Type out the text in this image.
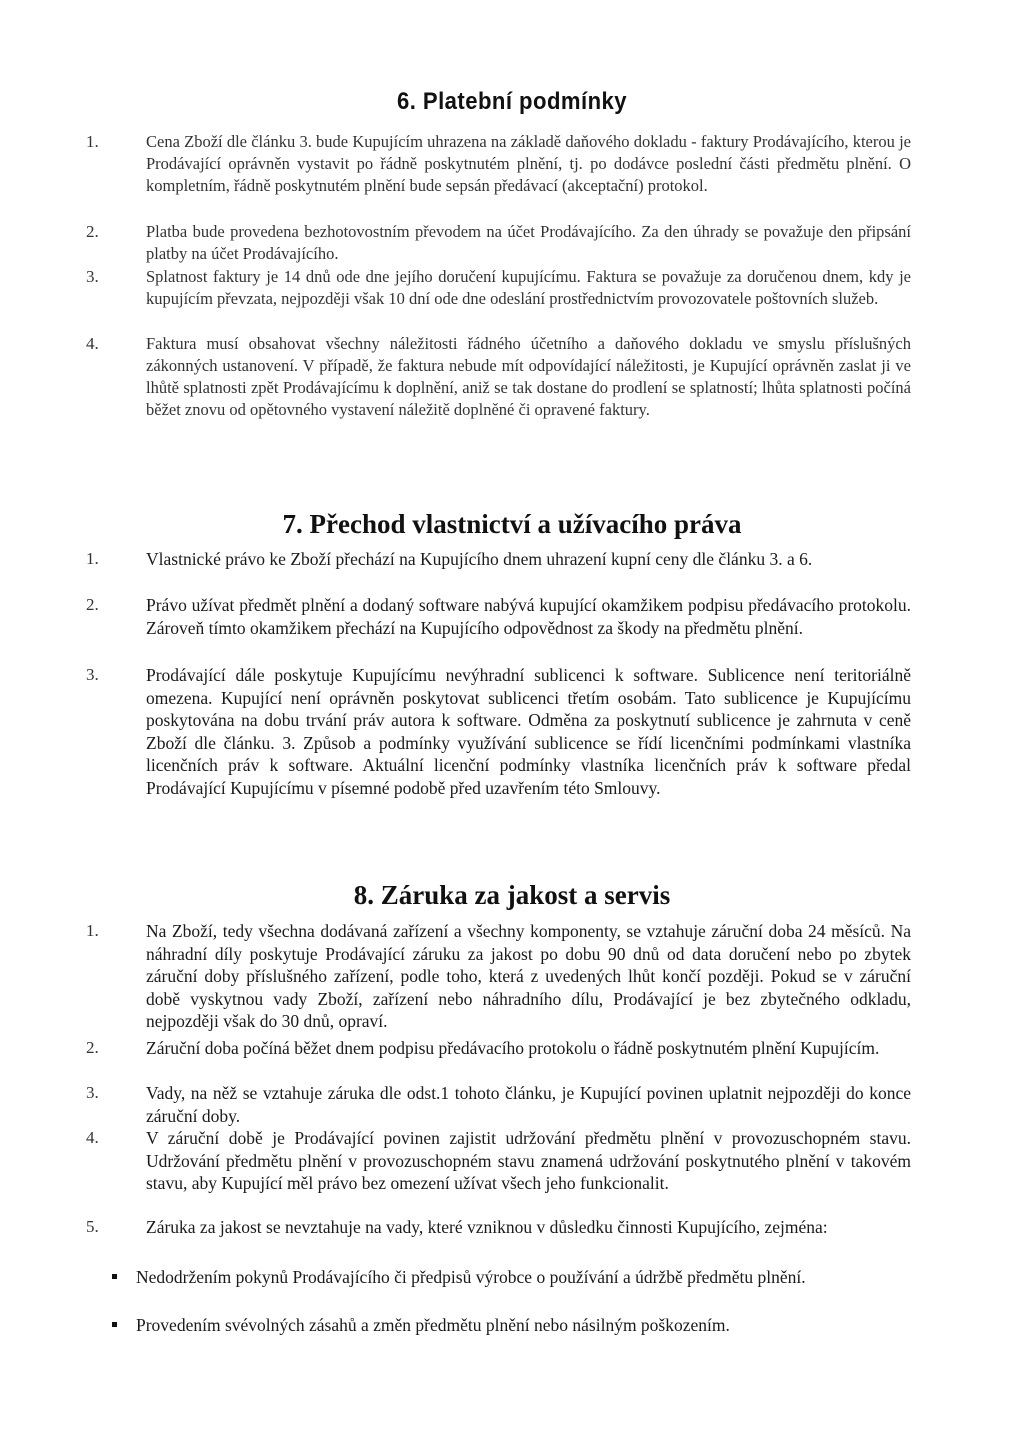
6. Platební podmínky
1.	Cena Zboží dle článku 3. bude Kupujícím uhrazena na základě daňového dokladu - faktury Prodávajícího, kterou je Prodávající oprávněn vystavit po řádně poskytnutém plnění, tj. po dodávce poslední části předmětu plnění. O kompletním, řádně poskytnutém plnění bude sepsán předávací (akceptační) protokol.
2.	Platba bude provedena bezhotovostním převodem na účet Prodávajícího. Za den úhrady se považuje den připsání platby na účet Prodávajícího.
3.	Splatnost faktury je 14 dnů ode dne jejího doručení kupujícímu. Faktura se považuje za doručenou dnem, kdy je kupujícím převzata, nejpozději však 10 dní ode dne odeslání prostřednictvím provozovatele poštovních služeb.
4.	Faktura musí obsahovat všechny náležitosti řádného účetního a daňového dokladu ve smyslu příslušných zákonných ustanovení. V případě, že faktura nebude mít odpovídající náležitosti, je Kupující oprávněn zaslat ji ve lhůtě splatnosti zpět Prodávajícímu k doplnění, aniž se tak dostane do prodlení se splatností; lhůta splatnosti počíná běžet znovu od opětovného vystavení náležitě doplněné či opravené faktury.
7. Přechod vlastnictví a užívacího práva
1.	Vlastnické právo ke Zboží přechází na Kupujícího dnem uhrazení kupní ceny dle článku 3. a 6.
2.	Právo užívat předmět plnění a dodaný software nabývá kupující okamžikem podpisu předávacího protokolu. Zároveň tímto okamžikem přechází na Kupujícího odpovědnost za škody na předmětu plnění.
3.	Prodávající dále poskytuje Kupujícímu nevýhradní sublicenci k software. Sublicence není teritoriálně omezena. Kupující není oprávněn poskytovat sublicenci třetím osobám. Tato sublicence je Kupujícímu poskytována na dobu trvání práv autora k software. Odměna za poskytnutí sublicence je zahrnuta v ceně Zboží dle článku. 3. Způsob a podmínky využívání sublicence se řídí licenčními podmínkami vlastníka licenčních práv k software. Aktuální licenční podmínky vlastníka licenčních práv k software předal Prodávající Kupujícímu v písemné podobě před uzavřením této Smlouvy.
8. Záruka za jakost a servis
1.	Na Zboží, tedy všechna dodávaná zařízení a všechny komponenty, se vztahuje záruční doba 24 měsíců. Na náhradní díly poskytuje Prodávající záruku za jakost po dobu 90 dnů od data doručení nebo po zbytek záruční doby příslušného zařízení, podle toho, která z uvedených lhůt končí později. Pokud se v záruční době vyskytnou vady Zboží, zařízení nebo náhradního dílu, Prodávající je bez zbytečného odkladu, nejpozději však do 30 dnů, opraví.
2.	Záruční doba počíná běžet dnem podpisu předávacího protokolu o řádně poskytnutém plnění Kupujícím.
3.	Vady, na něž se vztahuje záruka dle odst.1 tohoto článku, je Kupující povinen uplatnit nejpozději do konce záruční doby.
4.	V záruční době je Prodávající povinen zajistit udržování předmětu plnění v provozuschopném stavu. Udržování předmětu plnění v provozuschopném stavu znamená udržování poskytnutého plnění v takovém stavu, aby Kupující měl právo bez omezení užívat všech jeho funkcionalit.
5.	Záruka za jakost se nevztahuje na vady, které vzniknou v důsledku činnosti Kupujícího, zejména:
Nedodržením pokynů Prodávajícího či předpisů výrobce o používání a údržbě předmětu plnění.
Provedením svévolných zásahů a změn předmětu plnění nebo násilným poškozením.
